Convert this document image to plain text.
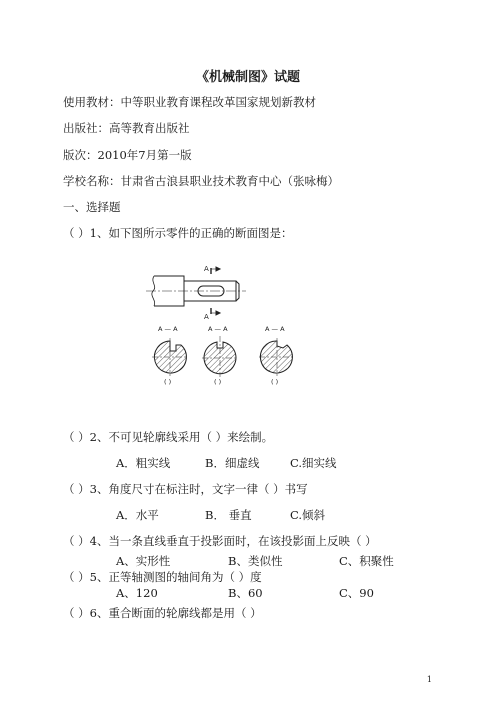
《机械制图》试题
使用教材：中等职业教育课程改革国家规划新教材
出版社：高等教育出版社
版次：2010年7月第一版
学校名称：甘肃省古浪县职业技术教育中心（张咏梅）
一、选择题
（ ）1、如下图所示零件的正确的断面图是：
A
A
A — A	A — A	A — A
( )	( )	( )
（ ）2、不可见轮廓线采用（ ）来绘制。
A．粗实线	B．细虚线	C.细实线
（ ）3、角度尺寸在标注时，文字一律（ ）书写
A．水平	B． 垂直	C.倾斜
（ ）4、当一条直线垂直于投影面时，在该投影面上反映（ ）
A、实形性	B、类似性	C、积聚性
（ ）5、正等轴测图的轴间角为（ ）度
A、120	B、60	C、90
（ ）6、重合断面的轮廓线都是用（ ）
1
